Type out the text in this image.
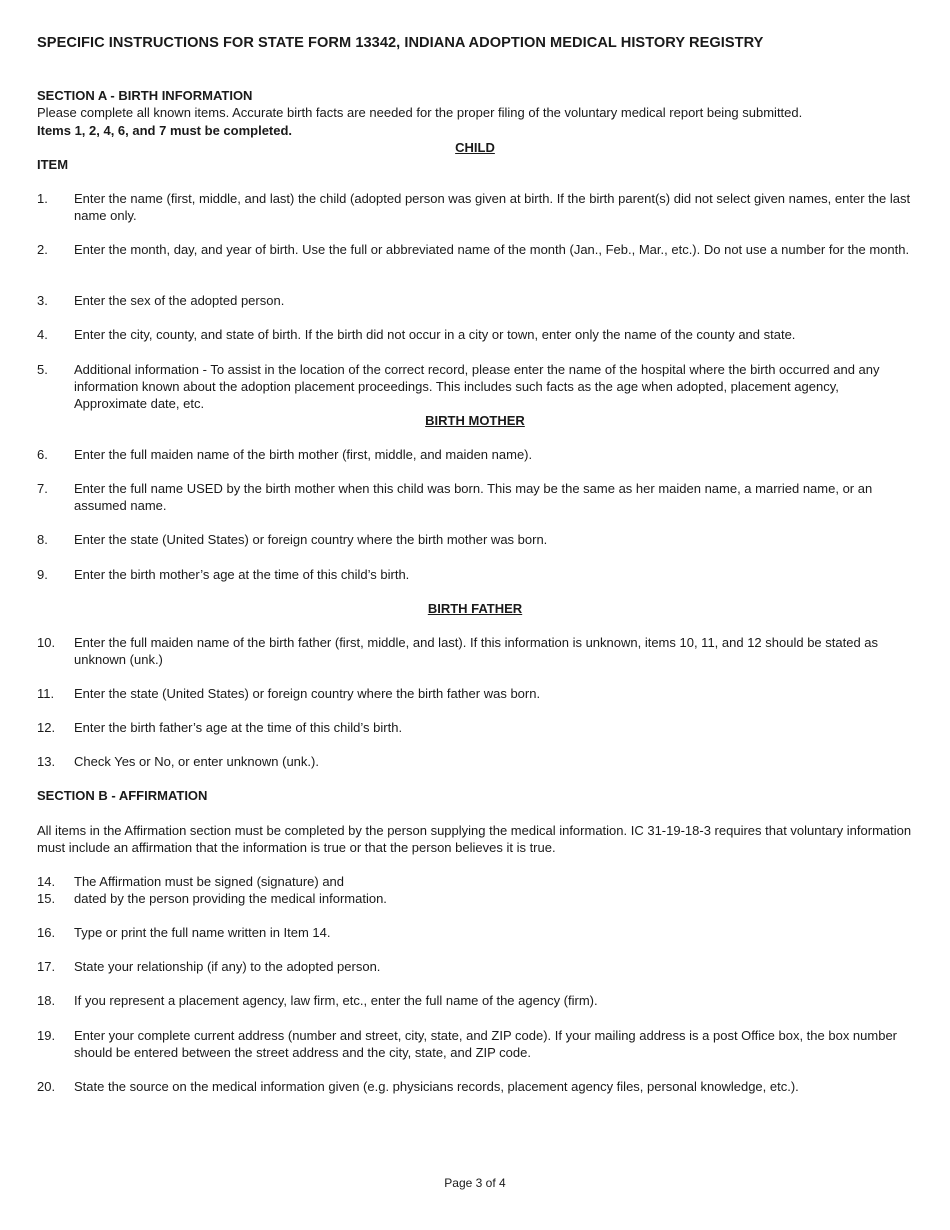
SPECIFIC INSTRUCTIONS FOR STATE FORM 13342, INDIANA ADOPTION MEDICAL HISTORY REGISTRY
SECTION A - BIRTH INFORMATION
Please complete all known items. Accurate birth facts are needed for the proper filing of the voluntary medical report being submitted.
Items 1, 2, 4, 6, and 7 must be completed.
CHILD
ITEM
1.	Enter the name (first, middle, and last) the child (adopted person was given at birth. If the birth parent(s) did not select given names, enter the last name only.
2.	Enter the month, day, and year of birth. Use the full or abbreviated name of the month (Jan., Feb., Mar., etc.). Do not use a number for the month.
3.	Enter the sex of the adopted person.
4.	Enter the city, county, and state of birth. If the birth did not occur in a city or town, enter only the name of the county and state.
5.	Additional information - To assist in the location of the correct record, please enter the name of the hospital where the birth occurred and any information known about the adoption placement proceedings. This includes such facts as the age when adopted, placement agency, Approximate date, etc.
BIRTH MOTHER
6.	Enter the full maiden name of the birth mother (first, middle, and maiden name).
7.	Enter the full name USED by the birth mother when this child was born. This may be the same as her maiden name, a married name, or an assumed name.
8.	Enter the state (United States) or foreign country where the birth mother was born.
9.	Enter the birth mother’s age at the time of this child’s birth.
BIRTH FATHER
10.	Enter the full maiden name of the birth father (first, middle, and last). If this information is unknown, items 10, 11, and 12 should be stated as unknown (unk.)
11.	Enter the state (United States) or foreign country where the birth father was born.
12.	Enter the birth father’s age at the time of this child’s birth.
13.	Check Yes or No, or enter unknown (unk.).
SECTION B - AFFIRMATION
All items in the Affirmation section must be completed by the person supplying the medical information. IC 31-19-18-3 requires that voluntary information must include an affirmation that the information is true or that the person believes it is true.
14.	The Affirmation must be signed (signature) and
15.	dated by the person providing the medical information.
16.	Type or print the full name written in Item 14.
17.	State your relationship (if any) to the adopted person.
18.	If you represent a placement agency, law firm, etc., enter the full name of the agency (firm).
19.	Enter your complete current address (number and street, city, state, and ZIP code). If your mailing address is a post Office box, the box number should be entered between the street address and the city, state, and ZIP code.
20.	State the source on the medical information given (e.g. physicians records, placement agency files, personal knowledge, etc.).
Page 3 of 4
